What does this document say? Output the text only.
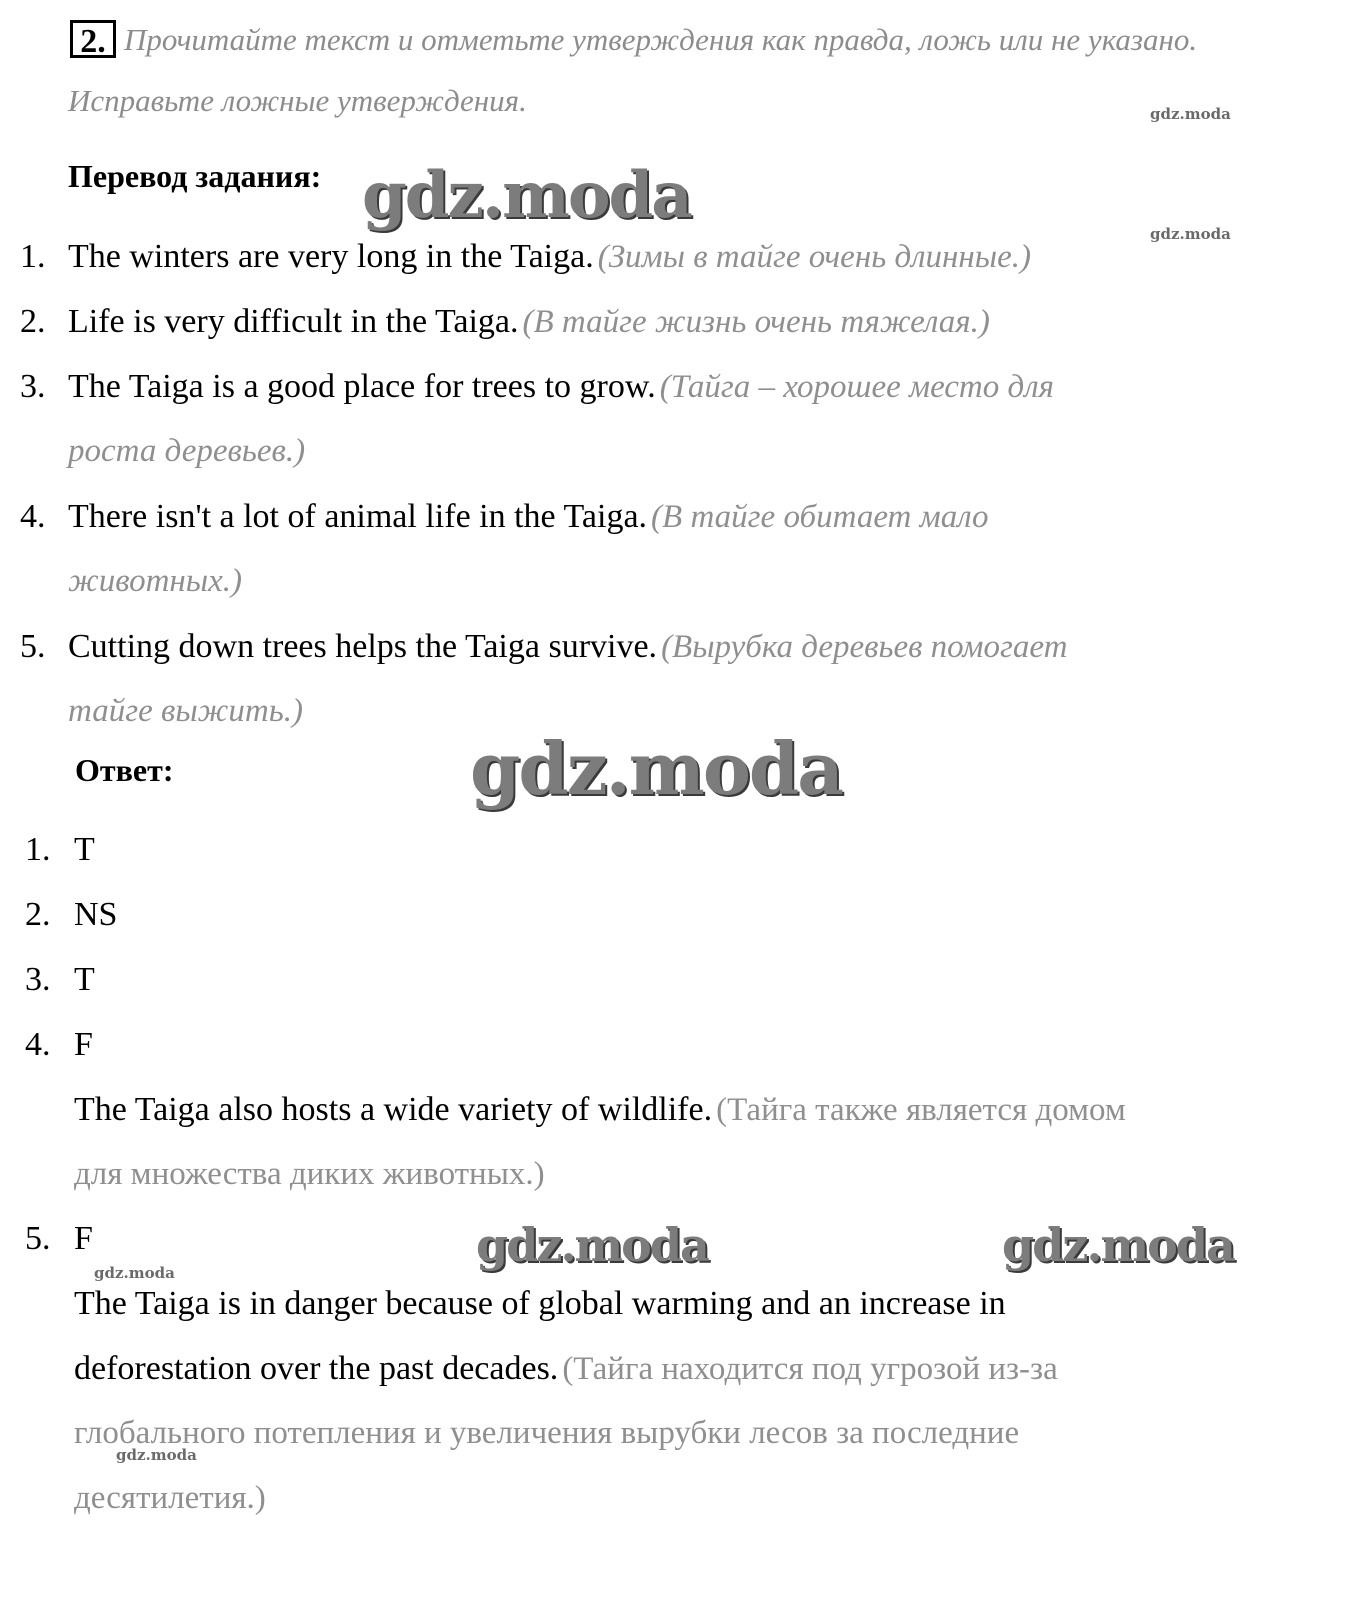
2. Прочитайте текст и отметьте утверждения как правда, ложь или не указано.
Исправьте ложные утверждения.
Перевод задания:
1. The winters are very long in the Taiga. (Зимы в тайге очень длинные.)
2. Life is very difficult in the Taiga. (В тайге жизнь очень тяжелая.)
3. The Taiga is a good place for trees to grow. (Тайга – хорошее место для
роста деревьев.)
4. There isn't a lot of animal life in the Taiga. (В тайге обитает мало
животных.)
5. Cutting down trees helps the Taiga survive. (Вырубка деревьев помогает
тайге выжить.)
Ответ:
1. T
2. NS
3. T
4. F
The Taiga also hosts a wide variety of wildlife. (Тайга также является домом
для множества диких животных.)
5. F
The Taiga is in danger because of global warming and an increase in
deforestation over the past decades. (Тайга находится под угрозой из-за
глобального потепления и увеличения вырубки лесов за последние
десятилетия.)
gdz.moda
gdz.moda
gdz.moda	gdz.moda
gdz.moda
gdz.moda
gdz.moda
gdz.moda
